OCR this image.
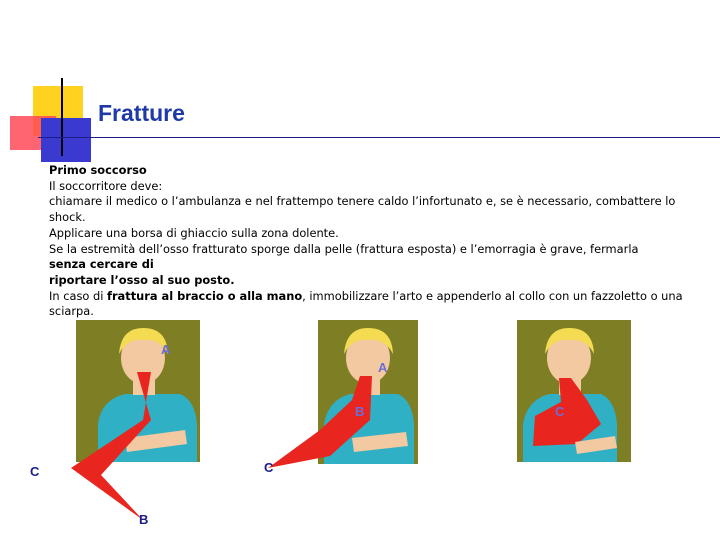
Fratture
Primo soccorso
Il soccorritore deve:
chiamare il medico o l’ambulanza e nel frattempo tenere caldo l’infortunato e, se è necessario, combattere lo shock.
Applicare una borsa di ghiaccio sulla zona dolente.
Se la estremità dell’osso fratturato sporge dalla pelle (frattura esposta) e l’emorragia è grave, fermarla
senza cercare di
riportare l’osso al suo posto.
In caso di frattura al braccio o alla mano, immobilizzare l’arto e appenderlo al collo con un fazzoletto o una sciarpa.
A
B
C
A
B
C
C
